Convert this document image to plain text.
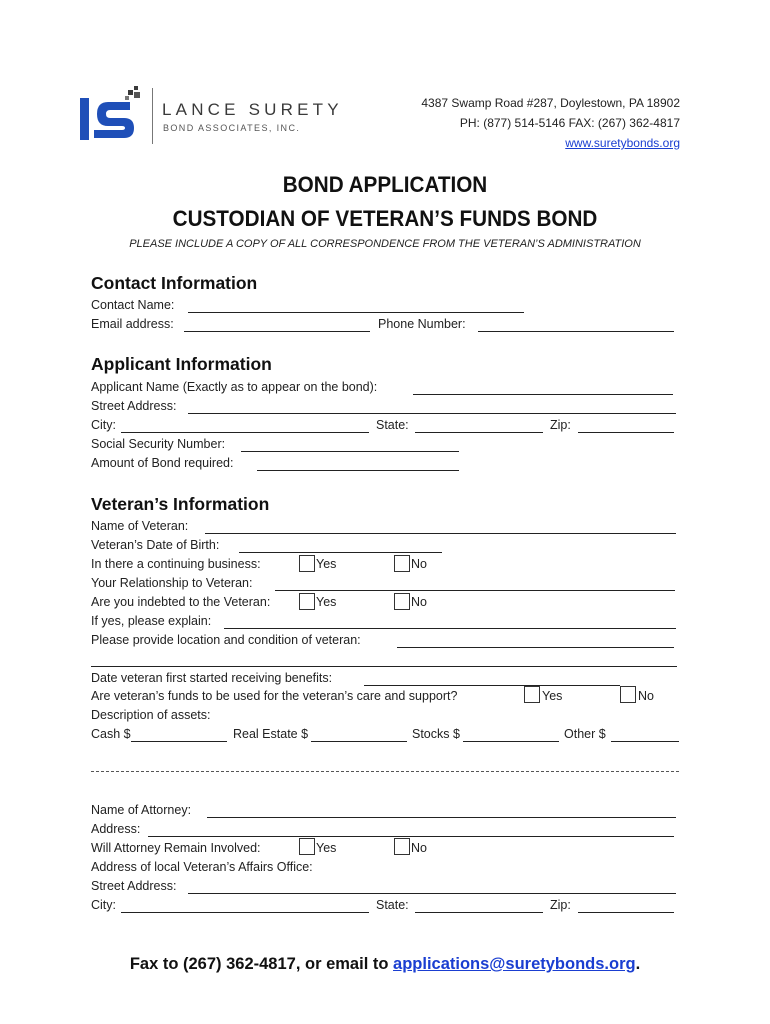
LANCE SURETY
BOND ASSOCIATES, INC.
4387 Swamp Road #287, Doylestown, PA 18902
PH: (877) 514-5146 FAX: (267) 362-4817
www.suretybonds.org
BOND APPLICATION
CUSTODIAN OF VETERAN’S FUNDS BOND
PLEASE INCLUDE A COPY OF ALL CORRESPONDENCE FROM THE VETERAN’S ADMINISTRATION
Contact Information
Contact Name:
Email address:	Phone Number:
Applicant Information
Applicant Name (Exactly as to appear on the bond):
Street Address:
City:	State:	Zip:
Social Security Number:
Amount of Bond required:
Veteran’s Information
Name of Veteran:
Veteran’s Date of Birth:
In there a continuing business:	Yes	No
Your Relationship to Veteran:
Are you indebted to the Veteran:	Yes	No
If yes, please explain:
Please provide location and condition of veteran:
Date veteran first started receiving benefits:
Are veteran’s funds to be used for the veteran’s care and support?	Yes	No
Description of assets:
Cash $	Real Estate $	Stocks $	Other $
Name of Attorney:
Address:
Will Attorney Remain Involved:	Yes	No
Address of local Veteran’s Affairs Office:
Street Address:
City:	State:	Zip:
Fax to (267) 362-4817, or email to applications@suretybonds.org.
